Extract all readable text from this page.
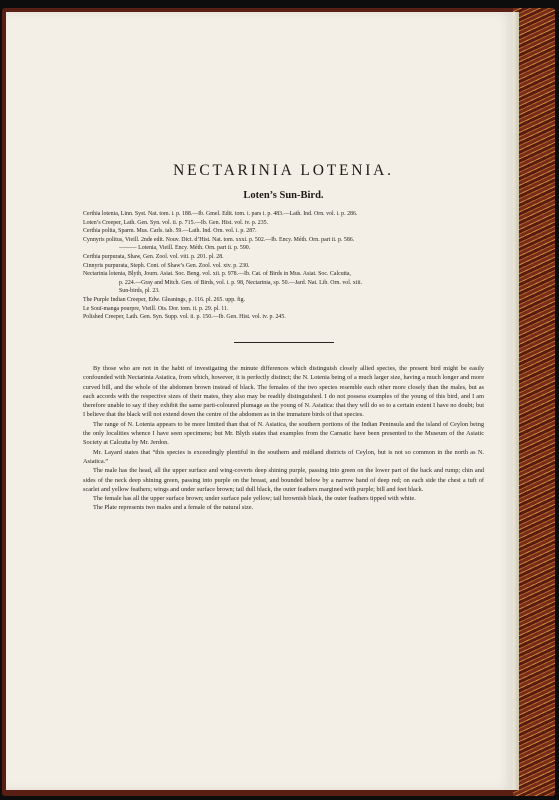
NECTARINIA LOTENIA.
Loten’s Sun-Bird.
Certhia lotenia, Linn. Syst. Nat. tom. i. p. 188.—Ib. Gmel. Edit. tom. i. pars i. p. 483.—Lath. Ind. Orn. vol. i. p. 286.
Loten’s Creeper, Lath. Gen. Syn. vol. ii. p. 715.—Ib. Gen. Hist. vol. iv. p. 235.
Certhia polita, Sparm. Mus. Carls. tab. 59.—Lath. Ind. Orn. vol. i. p. 287.
Cynnyris politus, Vieill. 2nde edit. Nouv. Dict. d’Hist. Nat. tom. xxxi. p. 502.—Ib. Ency. Méth. Orn. part ii. p. 586.
——— Lotenia, Vieill. Ency. Méth. Orn. part ii. p. 590.
Certhia purpurata, Shaw, Gen. Zool. vol. viii. p. 201. pl. 28.
Cinnyris purpurata, Steph. Cont. of Shaw’s Gen. Zool. vol. xiv. p. 230.
Nectarinia lotenia, Blyth, Journ. Asiat. Soc. Beng. vol. xii. p. 978.—Ib. Cat. of Birds in Mus. Asiat. Soc. Calcutta,
p. 224.—Gray and Mitch. Gen. of Birds, vol. i. p. 98, Nectarinia, sp. 50.—Jard. Nat. Lib. Orn. vol. xiii.
Sun-birds, pl. 23.
The Purple Indian Creeper, Edw. Gleanings, p. 116. pl. 265. upp. fig.
Le Souï-manga pourpre, Vieill. Ois. Dor. tom. ii. p. 29. pl. 11.
Polished Creeper, Lath. Gen. Syn. Supp. vol. ii. p. 150.—Ib. Gen. Hist. vol. iv. p. 245.

By those who are not in the habit of investigating the minute differences which distinguish closely allied species, the present bird might be easily confounded with Nectarinia Asiatica, from which, however, it is perfectly distinct; the N. Lotenia being of a much larger size, having a much longer and more curved bill, and the whole of the abdomen brown instead of black. The females of the two species resemble each other more closely than the males, but as each accords with the respective sizes of their mates, they also may be readily distinguished. I do not possess examples of the young of this bird, and I am therefore unable to say if they exhibit the same parti-coloured plumage as the young of N. Asiatica: that they will do so to a certain extent I have no doubt; but I believe that the black will not extend down the centre of the abdomen as in the immature birds of that species.

The range of N. Lotenia appears to be more limited than that of N. Asiatica, the southern portions of the Indian Peninsula and the island of Ceylon being the only localities whence I have seen specimens; but Mr. Blyth states that examples from the Carnatic have been presented to the Museum of the Asiatic Society at Calcutta by Mr. Jerdon.

Mr. Layard states that “this species is exceedingly plentiful in the southern and midland districts of Ceylon, but is not so common in the north as N. Asiatica.”

The male has the head, all the upper surface and wing-coverts deep shining purple, passing into green on the lower part of the back and rump; chin and sides of the neck deep shining green, passing into purple on the breast, and bounded below by a narrow band of deep red; on each side the chest a tuft of scarlet and yellow feathers; wings and under surface brown; tail dull black, the outer feathers margined with purple; bill and feet black.

The female has all the upper surface brown; under surface pale yellow; tail brownish black, the outer feathers tipped with white.

The Plate represents two males and a female of the natural size.
